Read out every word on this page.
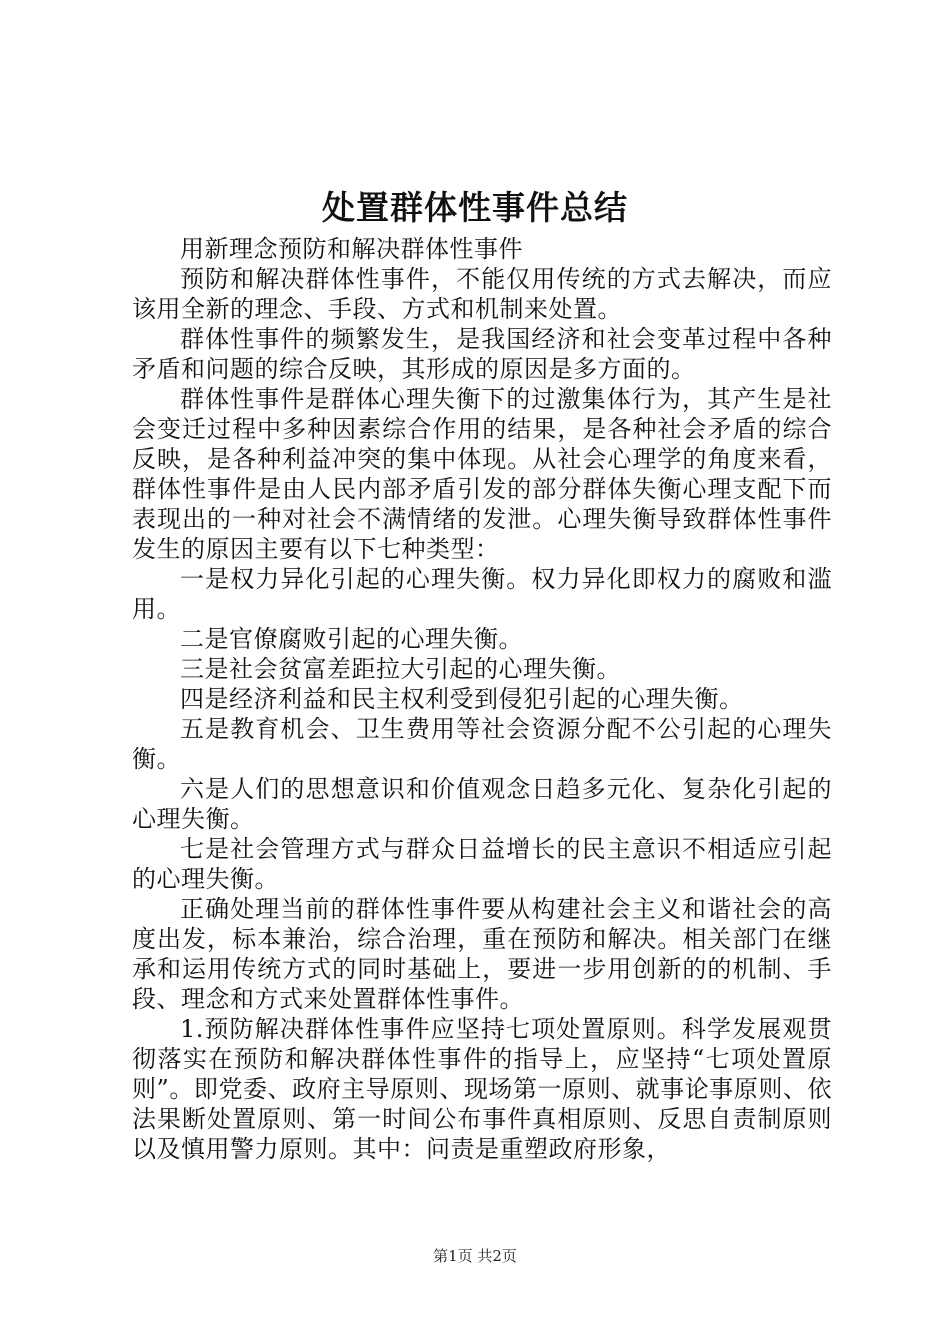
处置群体性事件总结

用新理念预防和解决群体性事件

预防和解决群体性事件，不能仅用传统的方式去解决，而应该用全新的理念、手段、方式和机制来处置。

群体性事件的频繁发生，是我国经济和社会变革过程中各种矛盾和问题的综合反映，其形成的原因是多方面的。

群体性事件是群体心理失衡下的过激集体行为，其产生是社会变迁过程中多种因素综合作用的结果，是各种社会矛盾的综合反映，是各种利益冲突的集中体现。从社会心理学的角度来看，群体性事件是由人民内部矛盾引发的部分群体失衡心理支配下而表现出的一种对社会不满情绪的发泄。心理失衡导致群体性事件发生的原因主要有以下七种类型：

一是权力异化引起的心理失衡。权力异化即权力的腐败和滥用。

二是官僚腐败引起的心理失衡。

三是社会贫富差距拉大引起的心理失衡。

四是经济利益和民主权利受到侵犯引起的心理失衡。

五是教育机会、卫生费用等社会资源分配不公引起的心理失衡。

六是人们的思想意识和价值观念日趋多元化、复杂化引起的心理失衡。

七是社会管理方式与群众日益增长的民主意识不相适应引起的心理失衡。

正确处理当前的群体性事件要从构建社会主义和谐社会的高度出发，标本兼治，综合治理，重在预防和解决。相关部门在继承和运用传统方式的同时基础上，要进一步用创新的的机制、手段、理念和方式来处置群体性事件。

1.预防解决群体性事件应坚持七项处置原则。科学发展观贯彻落实在预防和解决群体性事件的指导上，应坚持“七项处置原则”。即党委、政府主导原则、现场第一原则、就事论事原则、依法果断处置原则、第一时间公布事件真相原则、反思自责制原则以及慎用警力原则。其中：问责是重塑政府形象，

第1页 共2页
